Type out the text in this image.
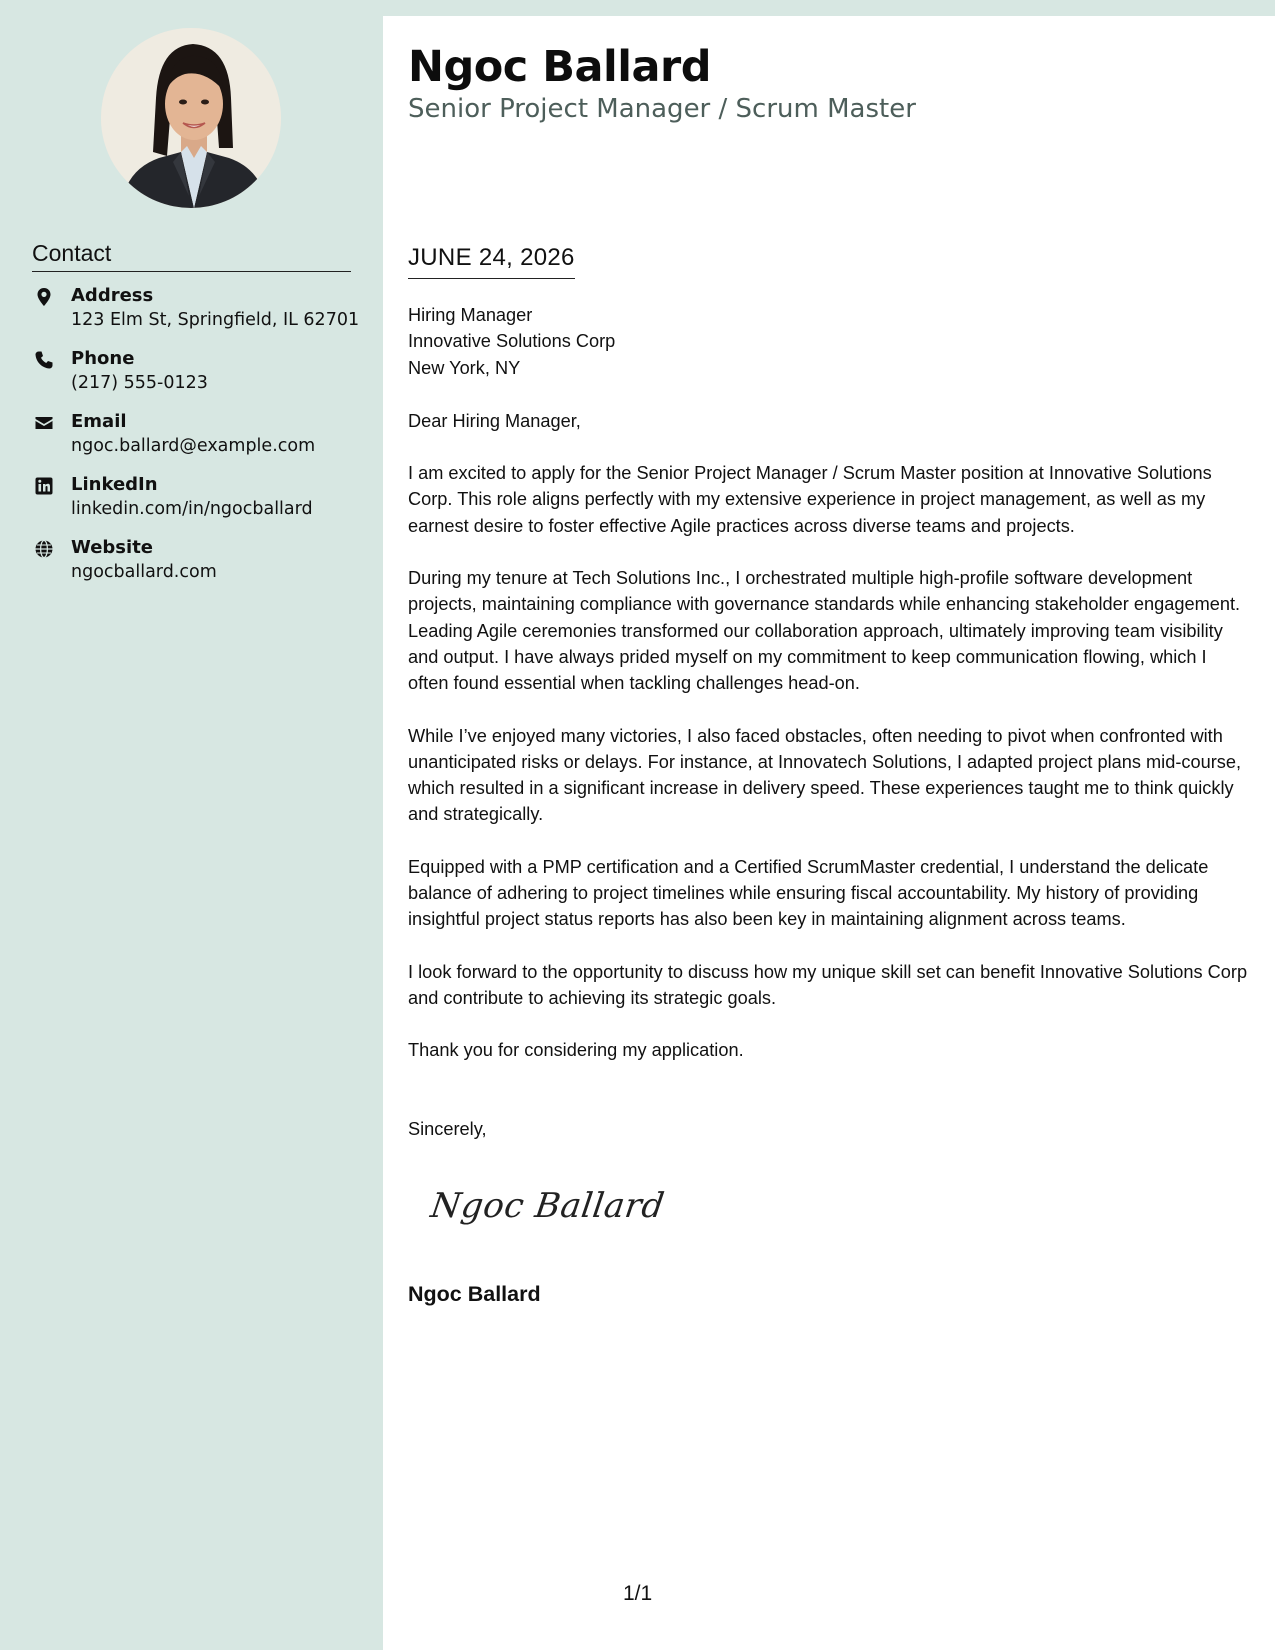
Contact
Address
123 Elm St, Springfield, IL 62701
Phone
(217) 555-0123
Email
ngoc.ballard@example.com
LinkedIn
linkedin.com/in/ngocballard
Website
ngocballard.com
Ngoc Ballard
Senior Project Manager / Scrum Master
JUNE 24, 2026

Hiring Manager

Innovative Solutions Corp

New York, NY

Dear Hiring Manager,

I am excited to apply for the Senior Project Manager / Scrum Master position at Innovative Solutions Corp. This role aligns perfectly with my extensive experience in project management, as well as my earnest desire to foster effective Agile practices across diverse teams and projects.

During my tenure at Tech Solutions Inc., I orchestrated multiple high-profile software development projects, maintaining compliance with governance standards while enhancing stakeholder engagement. Leading Agile ceremonies transformed our collaboration approach, ultimately improving team visibility and output. I have always prided myself on my commitment to keep communication flowing, which I often found essential when tackling challenges head-on.

While I’ve enjoyed many victories, I also faced obstacles, often needing to pivot when confronted with unanticipated risks or delays. For instance, at Innovatech Solutions, I adapted project plans mid-course, which resulted in a significant increase in delivery speed. These experiences taught me to think quickly and strategically.

Equipped with a PMP certification and a Certified ScrumMaster credential, I understand the delicate balance of adhering to project timelines while ensuring fiscal accountability. My history of providing insightful project status reports has also been key in maintaining alignment across teams.

I look forward to the opportunity to discuss how my unique skill set can benefit Innovative Solutions Corp and contribute to achieving its strategic goals.

Thank you for considering my application.

Sincerely,

Ngoc Ballard
Ngoc Ballard
1/1
